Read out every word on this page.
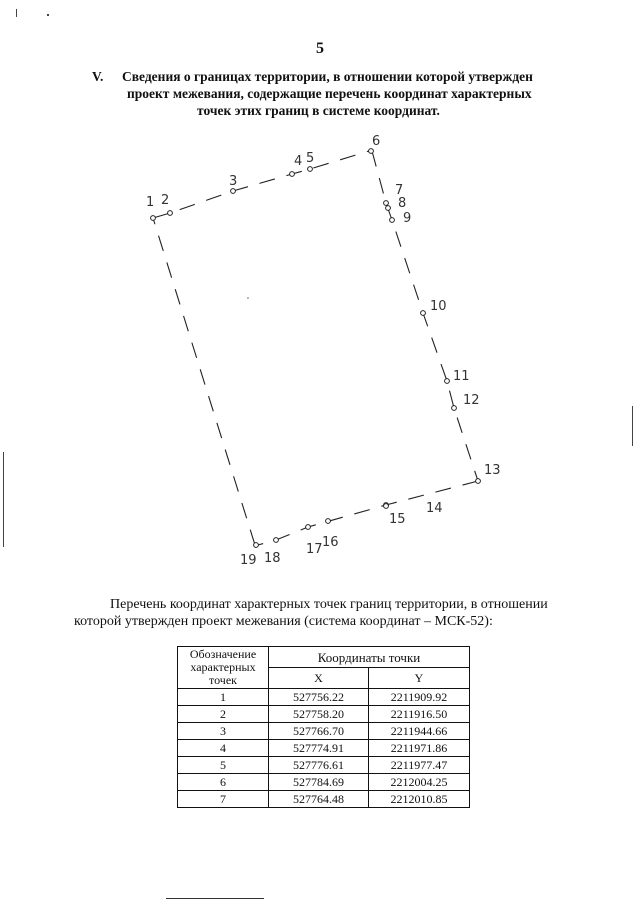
5
V. Сведения о границах территории, в отношении которой утвержден
проект межевания, содержащие перечень координат характерных
точек этих границ в системе координат.
1 2
3
4 5
6
7
8
9
10
11
12
13
14
15
16
17
18
19
Перечень координат характерных точек границ территории, в отношении
которой утвержден проект межевания (система координат – МСК-52):
Обозначение характерных точек	Координаты точки	
	X	Y
1	527756.22	2211909.92
2	527758.20	2211916.50
3	527766.70	2211944.66
4	527774.91	2211971.86
5	527776.61	2211977.47
6	527784.69	2212004.25
7	527764.48	2212010.85
